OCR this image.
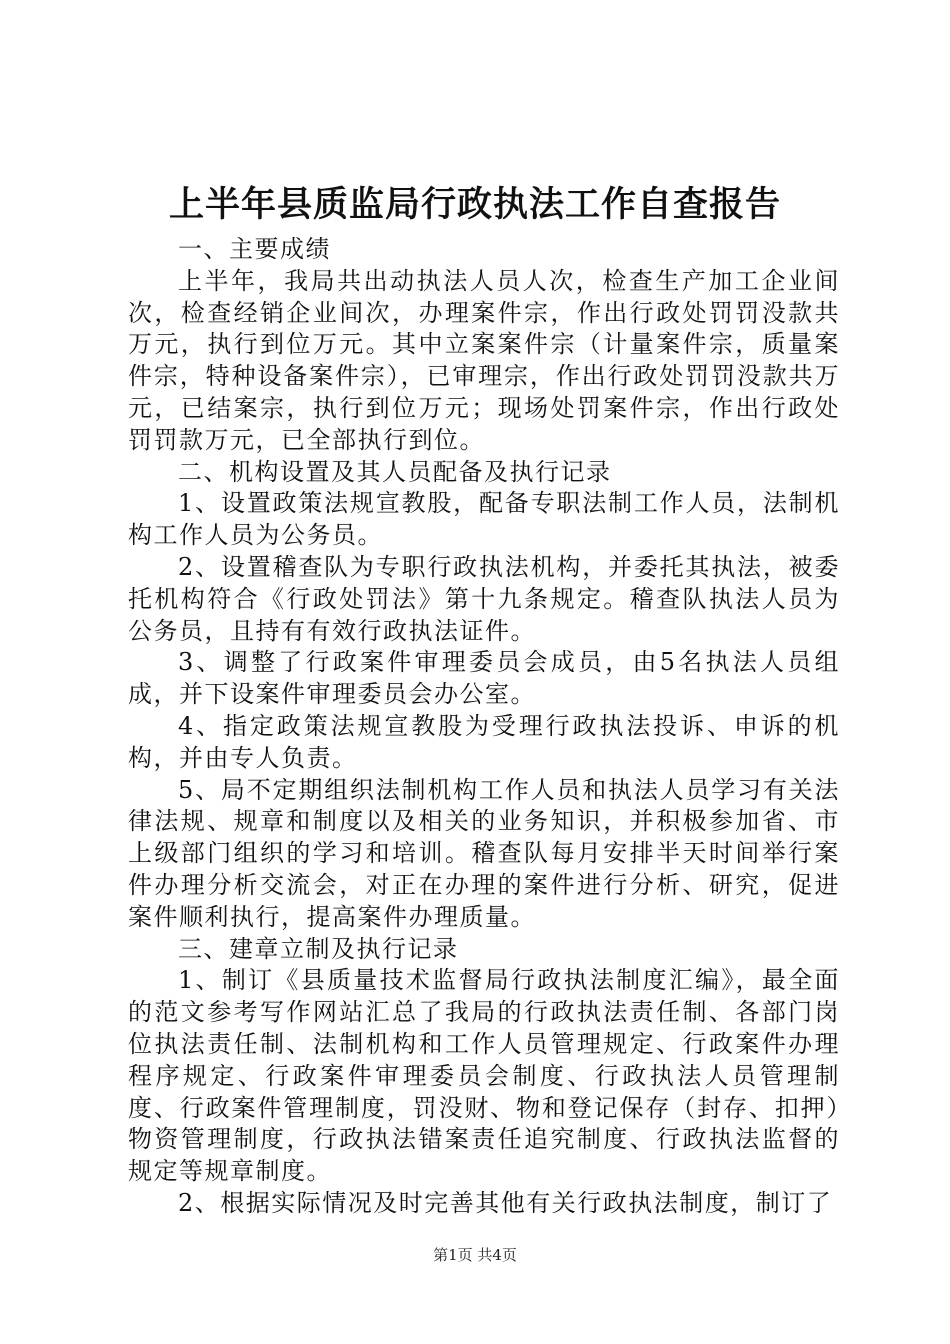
上半年县质监局行政执法工作自查报告

一、主要成绩

上半年，我局共出动执法人员人次，检查生产加工企业间次，检查经销企业间次，办理案件宗，作出行政处罚罚没款共万元，执行到位万元。其中立案案件宗（计量案件宗，质量案件宗，特种设备案件宗），已审理宗，作出行政处罚罚没款共万元，已结案宗，执行到位万元；现场处罚案件宗，作出行政处罚罚款万元，已全部执行到位。

二、机构设置及其人员配备及执行记录

1、设置政策法规宣教股，配备专职法制工作人员，法制机构工作人员为公务员。

2、设置稽查队为专职行政执法机构，并委托其执法，被委托机构符合《行政处罚法》第十九条规定。稽查队执法人员为公务员，且持有有效行政执法证件。

3、调整了行政案件审理委员会成员，由5名执法人员组成，并下设案件审理委员会办公室。

4、指定政策法规宣教股为受理行政执法投诉、申诉的机构，并由专人负责。

5、局不定期组织法制机构工作人员和执法人员学习有关法律法规、规章和制度以及相关的业务知识，并积极参加省、市上级部门组织的学习和培训。稽查队每月安排半天时间举行案件办理分析交流会，对正在办理的案件进行分析、研究，促进案件顺利执行，提高案件办理质量。

三、建章立制及执行记录

1、制订《县质量技术监督局行政执法制度汇编》，最全面的范文参考写作网站汇总了我局的行政执法责任制、各部门岗位执法责任制、法制机构和工作人员管理规定、行政案件办理程序规定、行政案件审理委员会制度、行政执法人员管理制度、行政案件管理制度，罚没财、物和登记保存（封存、扣押）物资管理制度，行政执法错案责任追究制度、行政执法监督的规定等规章制度。

2、根据实际情况及时完善其他有关行政执法制度，制订了

第1页 共4页
